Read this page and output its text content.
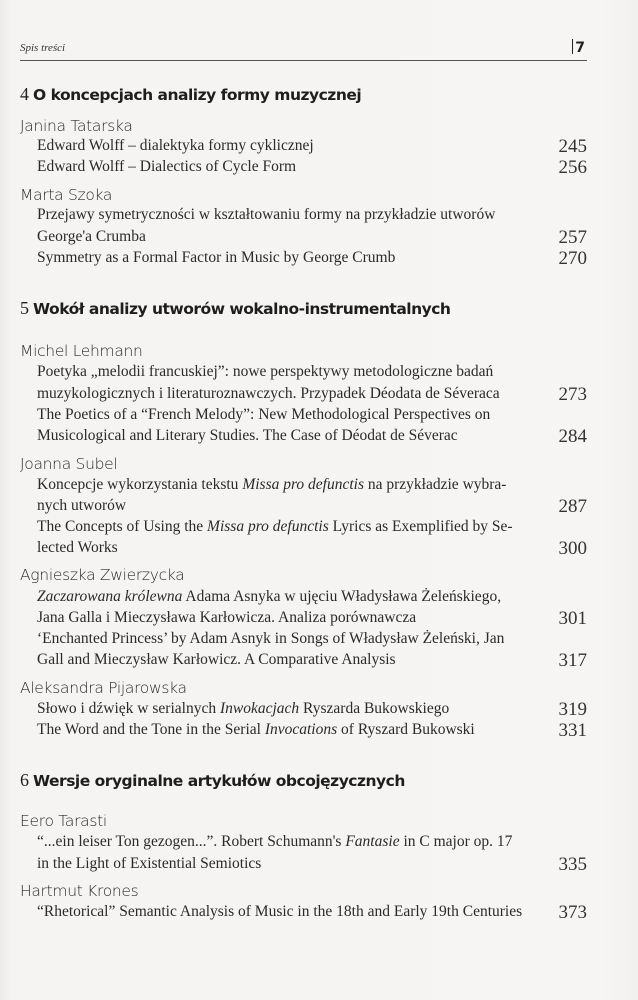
Spis treści	7
4 O koncepcjach analizy formy muzycznej
Janina Tatarska
Edward Wolff – dialektyka formy cyklicznej	245
Edward Wolff – Dialectics of Cycle Form	256
Marta Szoka
Przejawy symetryczności w kształtowaniu formy na przykładzie utworów
George'a Crumba	257
Symmetry as a Formal Factor in Music by George Crumb	270
5 Wokół analizy utworów wokalno-instrumentalnych
Michel Lehmann
Poetyka „melodii francuskiej”: nowe perspektywy metodologiczne badań
muzykologicznych i literaturoznawczych. Przypadek Déodata de Séveraca	273
The Poetics of a “French Melody”: New Methodological Perspectives on
Musicological and Literary Studies. The Case of Déodat de Séverac	284
Joanna Subel
Koncepcje wykorzystania tekstu Missa pro defunctis na przykładzie wybra-
nych utworów	287
The Concepts of Using the Missa pro defunctis Lyrics as Exemplified by Se-
lected Works	300
Agnieszka Zwierzycka
Zaczarowana królewna Adama Asnyka w ujęciu Władysława Żeleńskiego,
Jana Galla i Mieczysława Karłowicza. Analiza porównawcza	301
‘Enchanted Princess’ by Adam Asnyk in Songs of Władysław Żeleński, Jan
Gall and Mieczysław Karłowicz. A Comparative Analysis	317
Aleksandra Pijarowska
Słowo i dźwięk w serialnych Inwokacjach Ryszarda Bukowskiego	319
The Word and the Tone in the Serial Invocations of Ryszard Bukowski	331
6 Wersje oryginalne artykułów obcojęzycznych
Eero Tarasti
“...ein leiser Ton gezogen...”. Robert Schumann's Fantasie in C major op. 17
in the Light of Existential Semiotics	335
Hartmut Krones
“Rhetorical” Semantic Analysis of Music in the 18th and Early 19th Centuries 373
